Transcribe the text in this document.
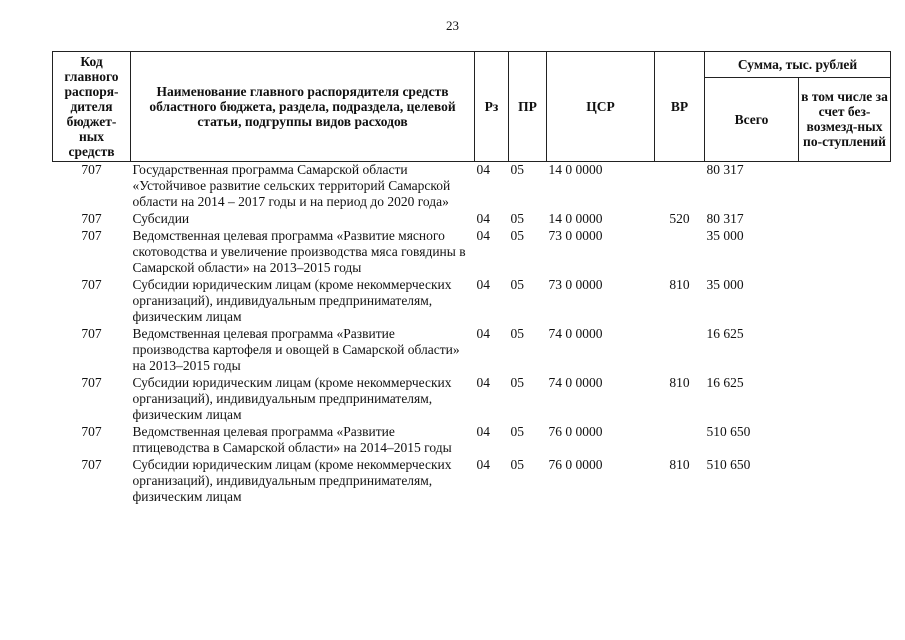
23
Код главного распоря-дителя бюджет-ных средств	Наименование главного распорядителя средств областного бюджета, раздела, подраздела, целевой статьи, подгруппы видов расходов	Рз	ПР	ЦСР	ВР	Сумма, тыс. рублей	
						Всего	в том числе за счет без-возмезд-ных по-ступлений
707	Государственная программа Самарской области «Устойчивое развитие сельских территорий Самарской области на 2014 – 2017 годы и на период до 2020 года»	04	05	14 0 0000		80 317	
707	Субсидии	04	05	14 0 0000	520	80 317	
707	Ведомственная целевая программа «Развитие мясного скотоводства и увеличение производства мяса говядины в Самарской области» на 2013–2015 годы	04	05	73 0 0000		35 000	
707	Субсидии юридическим лицам (кроме некоммерческих организаций), индивидуальным предпринимателям, физическим лицам	04	05	73 0 0000	810	35 000	
707	Ведомственная целевая программа «Развитие производства картофеля и овощей в Самарской области» на 2013–2015 годы	04	05	74 0 0000		16 625	
707	Субсидии юридическим лицам (кроме некоммерческих организаций), индивидуальным предпринимателям, физическим лицам	04	05	74 0 0000	810	16 625	
707	Ведомственная целевая программа «Развитие птицеводства в Самарской области» на 2014–2015 годы	04	05	76 0 0000		510 650	
707	Субсидии юридическим лицам (кроме некоммерческих организаций), индивидуальным предпринимателям, физическим лицам	04	05	76 0 0000	810	510 650	
